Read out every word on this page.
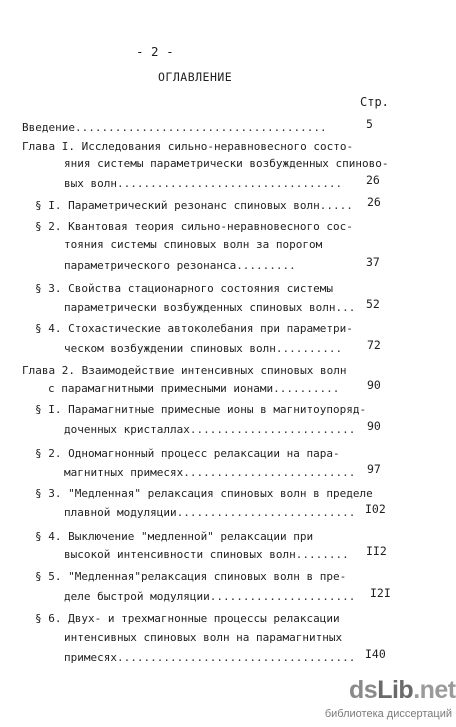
- 2 -
ОГЛАВЛЕНИЕ
Стр.
Введение......................................	5
Глава I. Исследования сильно-неравновесного состо-
яния системы параметрически возбужденных спиново-
вых волн.................................. 26
§ I. Параметрический резонанс спиновых волн..... 26
§ 2. Квантовая теория сильно-неравновесного сос-
тояния системы спиновых волн за порогом
параметрического резонанса.........	37
§ 3. Свойства стационарного состояния системы
параметрически возбужденных спиновых волн... 52
§ 4. Стохастические автоколебания при параметри-
ческом возбуждении спиновых волн.......... 72
Глава 2. Взаимодействие интенсивных спиновых волн
с парамагнитными примесными ионами.......... 90
§ I. Парамагнитные примесные ионы в магнитоупоряд-
доченных кристаллах......................... 90
§ 2. Одномагнонный процесс релаксации на пара-
магнитных примесях.......................... 97
§ 3. "Медленная" релаксация спиновых волн в пределе
плавной модуляции........................... I02
§ 4. Выключение "медленной" релаксации при
высокой интенсивности спиновых волн........ II2
§ 5. "Медленная"релаксация спиновых волн в пре-
деле быстрой модуляции...................... I2I
§ 6. Двух- и трехмагнонные процессы релаксации
интенсивных спиновых волн на парамагнитных
примесях.................................... I40
dsLib.net
библиотека диссертаций
